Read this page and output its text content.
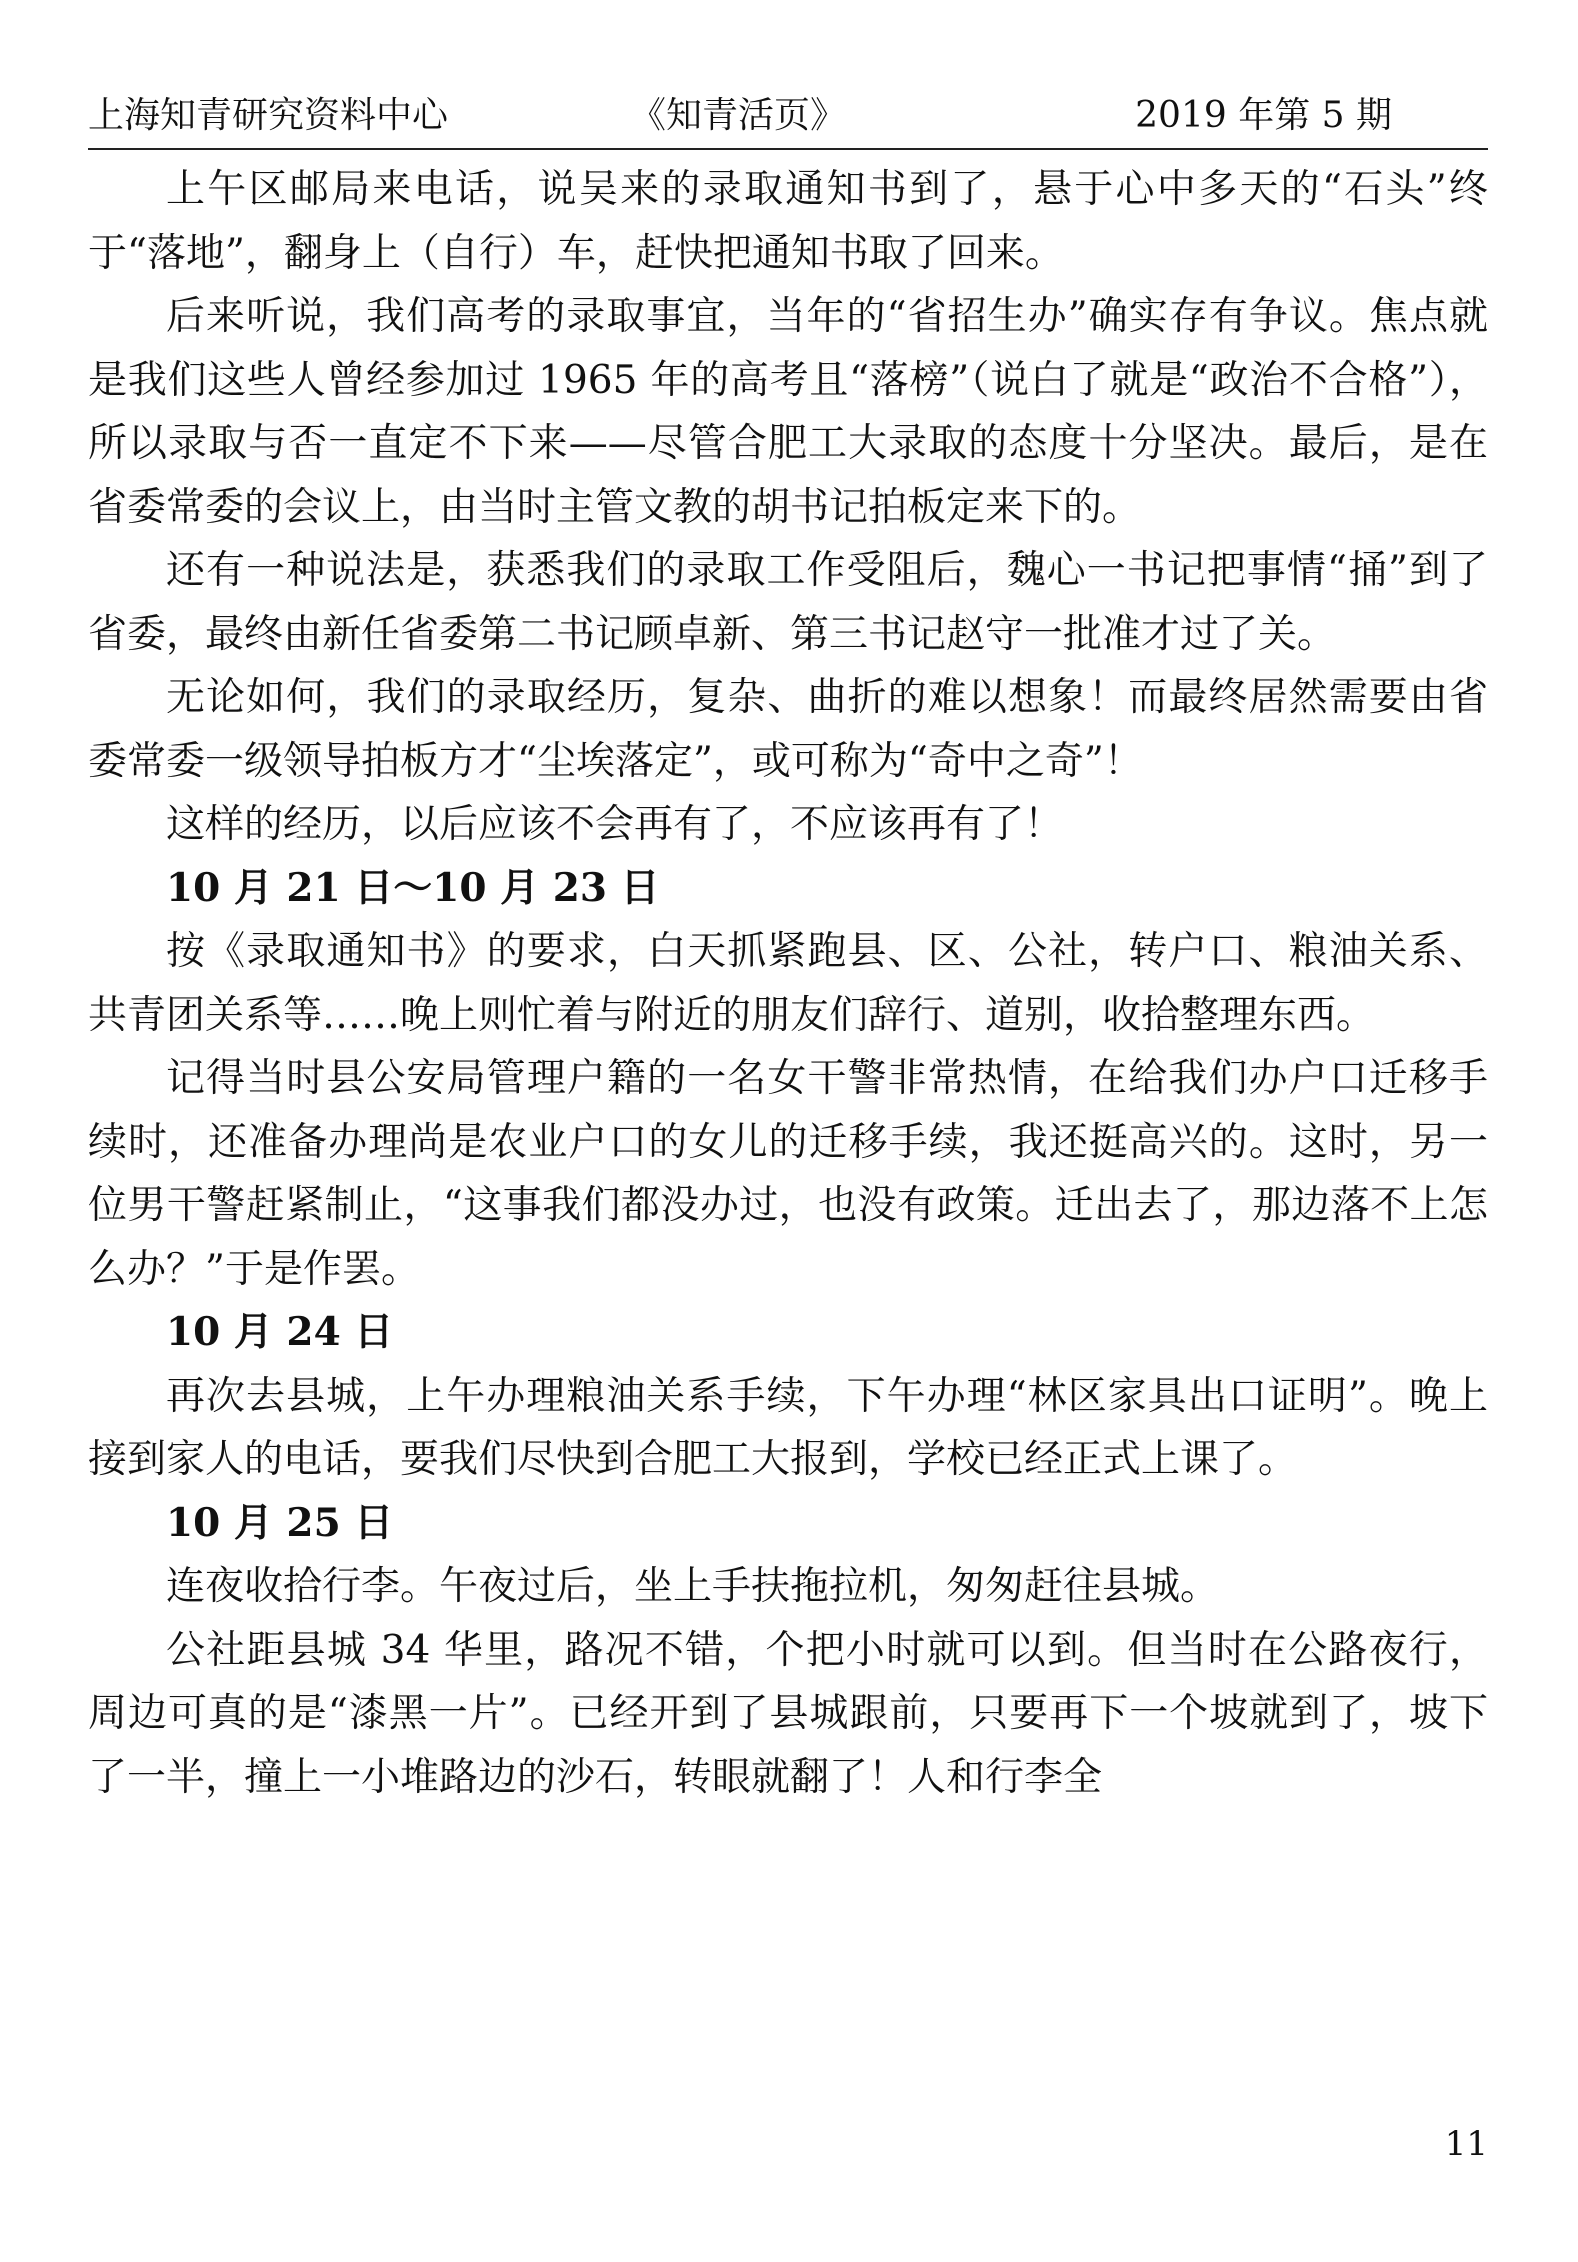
上海知青研究资料中心	《知青活页》	2019 年第 5 期

上午区邮局来电话，说吴来的录取通知书到了，悬于心中多天的“石头”终于“落地”，翻身上（自行）车，赶快把通知书取了回来。

后来听说，我们高考的录取事宜，当年的“省招生办”确实存有争议。焦点就是我们这些人曾经参加过 1965 年的高考且“落榜”（说白了就是“政治不合格”），所以录取与否一直定不下来——尽管合肥工大录取的态度十分坚决。最后，是在省委常委的会议上，由当时主管文教的胡书记拍板定来下的。

还有一种说法是，获悉我们的录取工作受阻后，魏心一书记把事情“捅”到了省委，最终由新任省委第二书记顾卓新、第三书记赵守一批准才过了关。

无论如何，我们的录取经历，复杂、曲折的难以想象！而最终居然需要由省委常委一级领导拍板方才“尘埃落定”，或可称为“奇中之奇”！

这样的经历，以后应该不会再有了，不应该再有了！

10 月 21 日～10 月 23 日

按《录取通知书》的要求，白天抓紧跑县、区、公社，转户口、粮油关系、共青团关系等……晚上则忙着与附近的朋友们辞行、道别，收拾整理东西。

记得当时县公安局管理户籍的一名女干警非常热情，在给我们办户口迁移手续时，还准备办理尚是农业户口的女儿的迁移手续，我还挺高兴的。这时，另一位男干警赶紧制止，“这事我们都没办过，也没有政策。迁出去了，那边落不上怎么办？”于是作罢。

10 月 24 日

再次去县城，上午办理粮油关系手续，下午办理“林区家具出口证明”。晚上接到家人的电话，要我们尽快到合肥工大报到，学校已经正式上课了。

10 月 25 日

连夜收拾行李。午夜过后，坐上手扶拖拉机，匆匆赶往县城。

公社距县城 34 华里，路况不错，个把小时就可以到。但当时在公路夜行，周边可真的是“漆黑一片”。已经开到了县城跟前，只要再下一个坡就到了，坡下了一半，撞上一小堆路边的沙石，转眼就翻了！人和行李全

11
